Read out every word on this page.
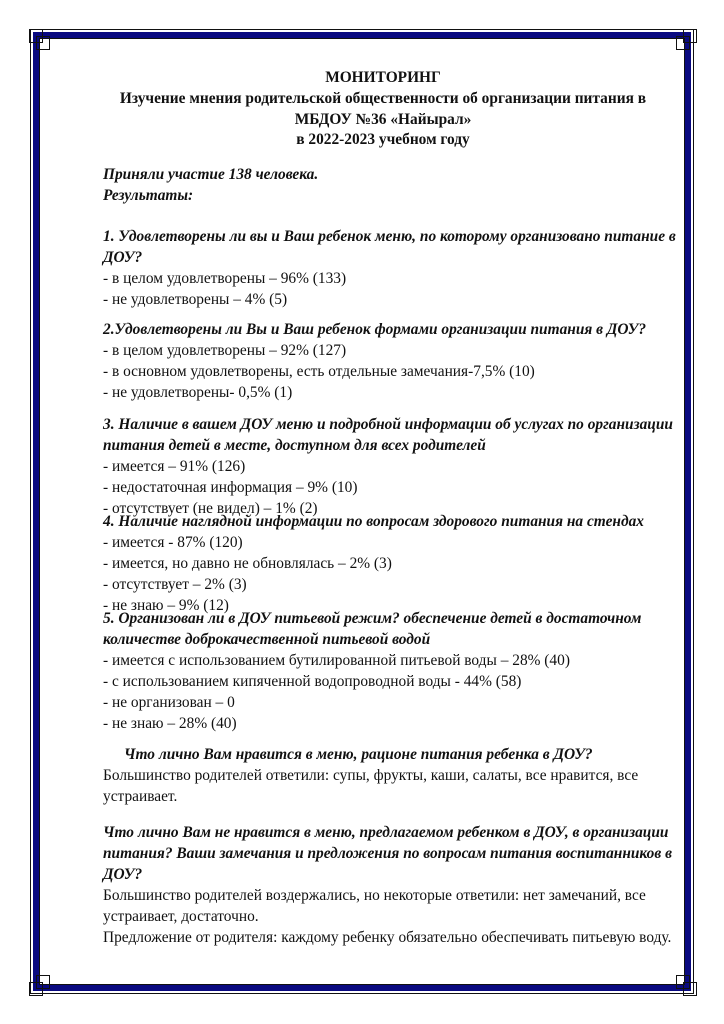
МОНИТОРИНГ
Изучение мнения родительской общественности об организации питания в
МБДОУ №36 «Найырал»
в 2022-2023 учебном году
Приняли участие 138 человека.
Результаты:
1. Удовлетворены ли вы и Ваш ребенок меню, по которому организовано питание в
ДОУ?
- в целом удовлетворены – 96% (133)
- не удовлетворены – 4% (5)
2.Удовлетворены ли Вы и Ваш ребенок формами организации питания в ДОУ?
- в целом удовлетворены – 92% (127)
- в основном удовлетворены, есть отдельные замечания-7,5% (10)
- не удовлетворены- 0,5% (1)
3. Наличие в вашем ДОУ меню и подробной информации об услугах по организации
питания детей в месте, доступном для всех родителей
- имеется – 91% (126)
- недостаточная информация – 9% (10)
- отсутствует (не видел) – 1% (2)
4. Наличие наглядной информации по вопросам здорового питания на стендах
- имеется - 87% (120)
- имеется, но давно не обновлялась – 2% (3)
- отсутствует – 2% (3)
- не знаю – 9% (12)
5. Организован ли в ДОУ питьевой режим? обеспечение детей в достаточном
количестве доброкачественной питьевой водой
- имеется с использованием бутилированной питьевой воды – 28% (40)
- с использованием кипяченной водопроводной воды - 44% (58)
- не организован – 0
- не знаю – 28% (40)
Что лично Вам нравится в меню, рационе питания ребенка в ДОУ?
Большинство родителей ответили: супы, фрукты, каши, салаты, все нравится, все
устраивает.
Что лично Вам не нравится в меню, предлагаемом ребенком в ДОУ, в организации
питания? Ваши замечания и предложения по вопросам питания воспитанников в
ДОУ?
Большинство родителей воздержались, но некоторые ответили: нет замечаний, все
устраивает, достаточно.
Предложение от родителя: каждому ребенку обязательно обеспечивать питьевую воду.
